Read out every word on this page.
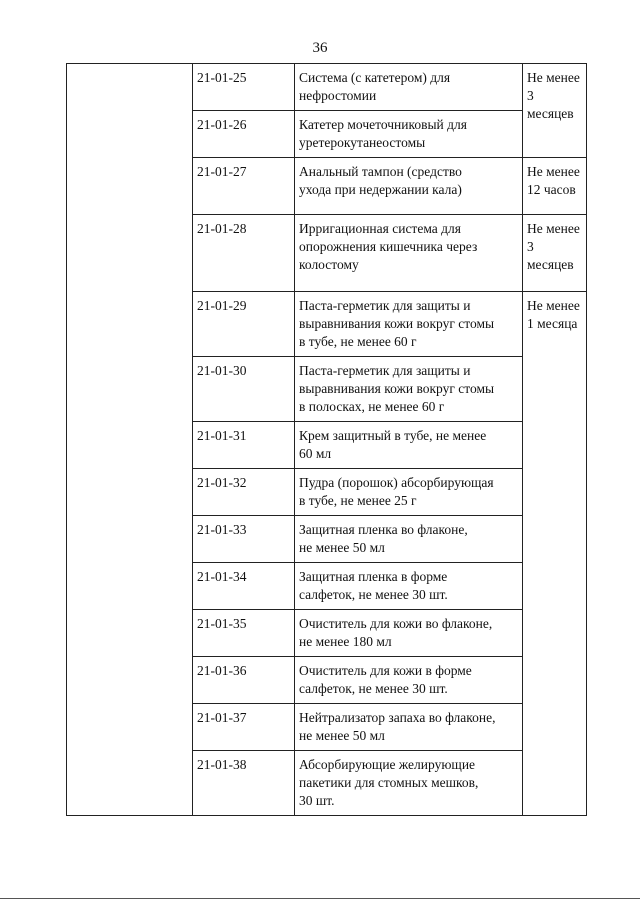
36
	21-01-25	Система (с катетером) для
нефростомии	Не менее
3 месяцев
	21-01-26	Катетер мочеточниковый для
уретерокутанеостомы	
	21-01-27	Анальный тампон (средство
ухода при недержании кала)	Не менее
12 часов
	21-01-28	Ирригационная система для
опорожнения кишечника через
колостому	Не менее
3 месяцев
	21-01-29	Паста-герметик для защиты и
выравнивания кожи вокруг стомы
в тубе, не менее 60 г	Не менее
1 месяца
	21-01-30	Паста-герметик для защиты и
выравнивания кожи вокруг стомы
в полосках, не менее 60 г	
	21-01-31	Крем защитный в тубе, не менее
60 мл	
	21-01-32	Пудра (порошок) абсорбирующая
в тубе, не менее 25 г	
	21-01-33	Защитная пленка во флаконе,
не менее 50 мл	
	21-01-34	Защитная пленка в форме
салфеток, не менее 30 шт.	
	21-01-35	Очиститель для кожи во флаконе,
не менее 180 мл	
	21-01-36	Очиститель для кожи в форме
салфеток, не менее 30 шт.	
	21-01-37	Нейтрализатор запаха во флаконе,
не менее 50 мл	
	21-01-38	Абсорбирующие желирующие
пакетики для стомных мешков,
30 шт.	
